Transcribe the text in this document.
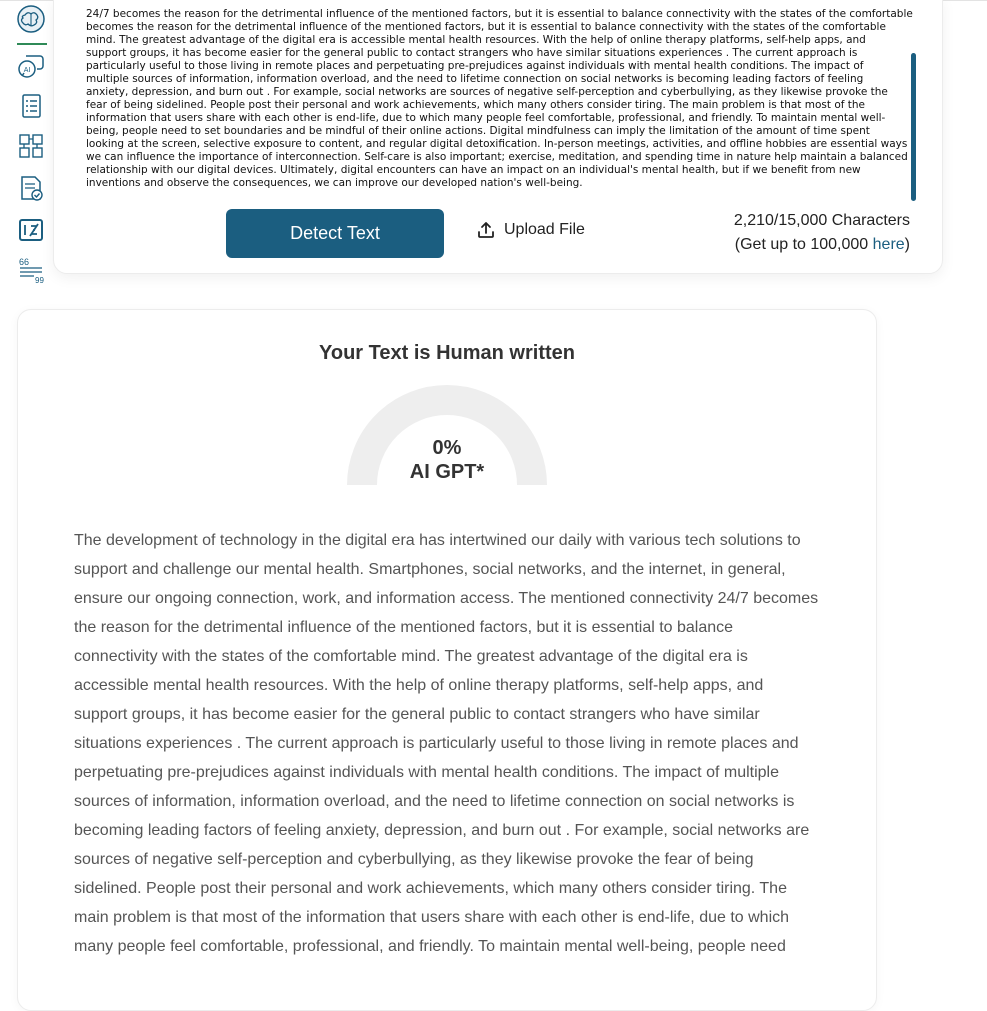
AI
66
99
24/7 becomes the reason for the detrimental influence of the mentioned factors, but it is essential to balance connectivity with the states of the comfortable
becomes the reason for the detrimental influence of the mentioned factors, but it is essential to balance connectivity with the states of the comfortable mind. The greatest advantage of the digital era is accessible mental health resources. With the help of online therapy platforms, self-help apps, and support groups, it has become easier for the general public to contact strangers who have similar situations experiences . The current approach is particularly useful to those living in remote places and perpetuating pre-prejudices against individuals with mental health conditions. The impact of multiple sources of information, information overload, and the need to lifetime connection on social networks is becoming leading factors of feeling anxiety, depression, and burn out . For example, social networks are sources of negative self-perception and cyberbullying, as they likewise provoke the fear of being sidelined. People post their personal and work achievements, which many others consider tiring. The main problem is that most of the information that users share with each other is end-life, due to which many people feel comfortable, professional, and friendly. To maintain mental well-being, people need to set boundaries and be mindful of their online actions. Digital mindfulness can imply the limitation of the amount of time spent looking at the screen, selective exposure to content, and regular digital detoxification. In-person meetings, activities, and offline hobbies are essential ways we can influence the importance of interconnection. Self-care is also important; exercise, meditation, and spending time in nature help maintain a balanced relationship with our digital devices. Ultimately, digital encounters can have an impact on an individual's mental health, but if we benefit from new inventions and observe the consequences, we can improve our developed nation's well-being.
Detect Text	Upload File
2,210/15,000 Characters
(Get up to 100,000 here)
Your Text is Human written
0%
AI GPT*
The development of technology in the digital era has intertwined our daily with various tech solutions to support and challenge our mental health. Smartphones, social networks, and the internet, in general, ensure our ongoing connection, work, and information access. The mentioned connectivity 24/7 becomes the reason for the detrimental influence of the mentioned factors, but it is essential to balance connectivity with the states of the comfortable mind. The greatest advantage of the digital era is accessible mental health resources. With the help of online therapy platforms, self-help apps, and support groups, it has become easier for the general public to contact strangers who have similar situations experiences . The current approach is particularly useful to those living in remote places and perpetuating pre-prejudices against individuals with mental health conditions. The impact of multiple sources of information, information overload, and the need to lifetime connection on social networks is becoming leading factors of feeling anxiety, depression, and burn out . For example, social networks are sources of negative self-perception and cyberbullying, as they likewise provoke the fear of being sidelined. People post their personal and work achievements, which many others consider tiring. The main problem is that most of the information that users share with each other is end-life, due to which many people feel comfortable, professional, and friendly. To maintain mental well-being, people need
